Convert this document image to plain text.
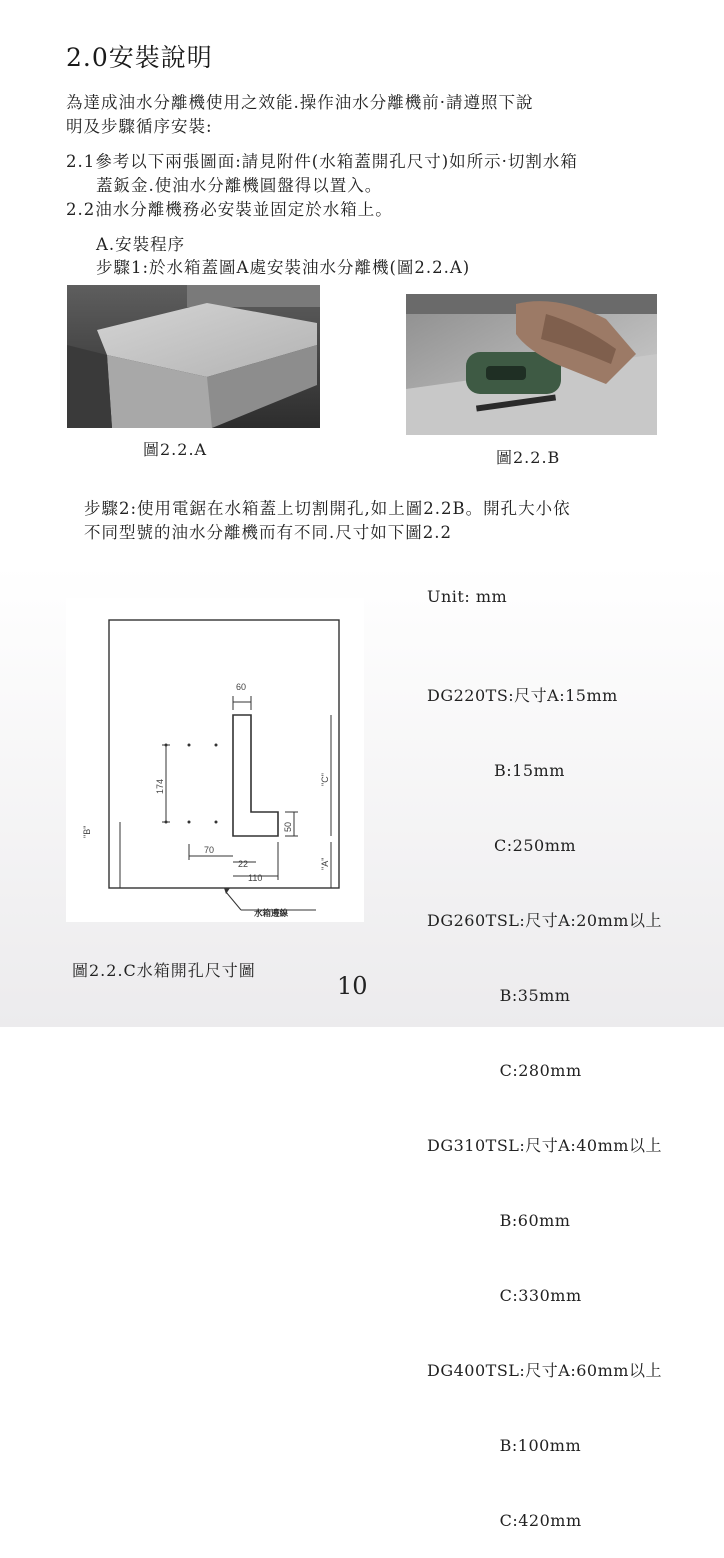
2.0安裝說明
為達成油水分離機使用之效能.操作油水分離機前·請遵照下說
明及步驟循序安裝:
2.1參考以下兩張圖面:請見附件(水箱蓋開孔尺寸)如所示·切割水箱
蓋鈑金.使油水分離機圓盤得以置入。
2.2油水分離機務必安裝並固定於水箱上。
A.安裝程序
步驟1:於水箱蓋圖A處安裝油水分離機(圖2.2.A)
圖2.2.A	圖2.2.B
步驟2:使用電鋸在水箱蓋上切割開孔,如上圖2.2B。開孔大小依
不同型號的油水分離機而有不同.尺寸如下圖2.2
60
174	"C"
"B"	50
70
22
110
"A"
水箱邊線
Unit: mm

DG220TS:尺寸A:15mm

B:15mm

C:250mm

DG260TSL:尺寸A:20mm以上

B:35mm

C:280mm

DG310TSL:尺寸A:40mm以上

B:60mm

C:330mm

DG400TSL:尺寸A:60mm以上

B:100mm

C:420mm

圖2.2.C水箱開孔尺寸圖
10
